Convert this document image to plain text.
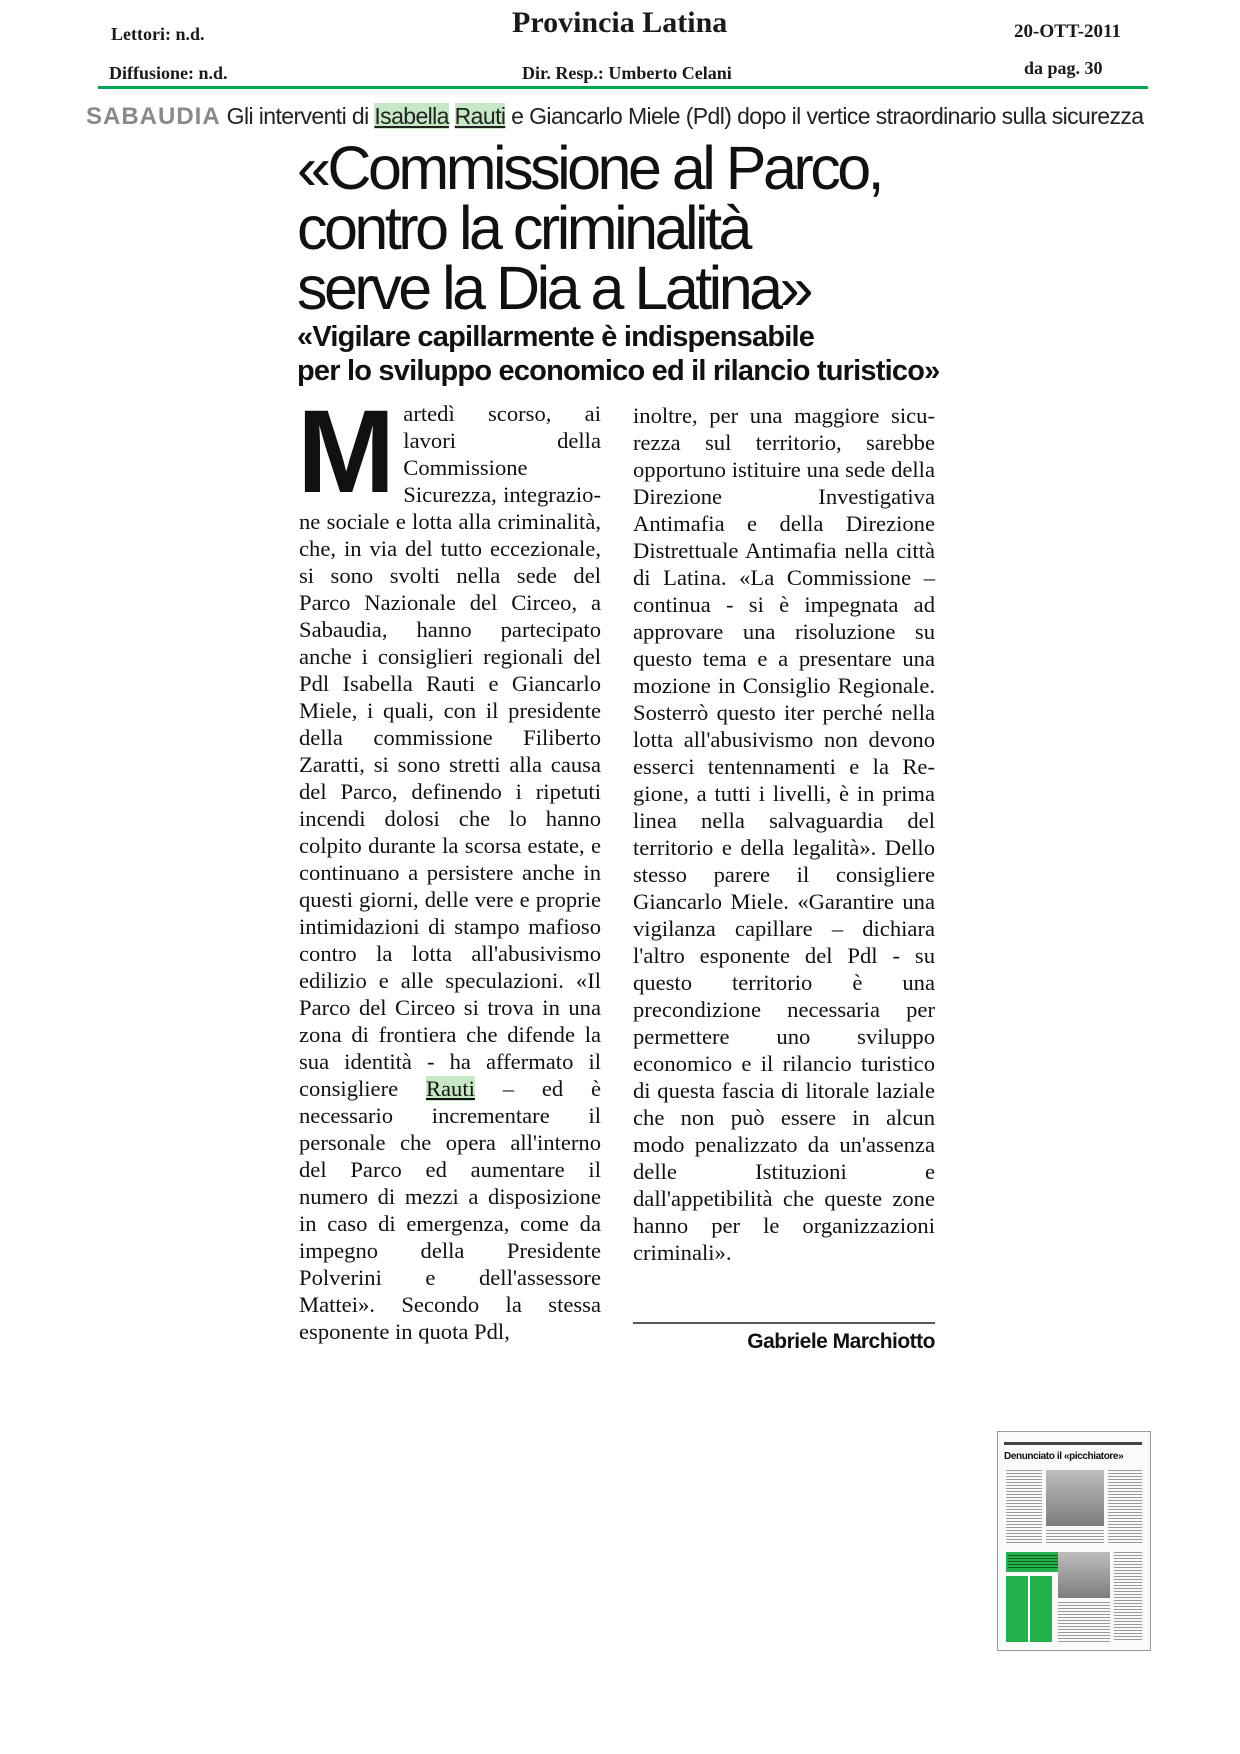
Lettori: n.d.
Diffusione: n.d.
Provincia Latina
Dir. Resp.: Umberto Celani
20-OTT-2011
da pag. 30
SABAUDIA Gli interventi di Isabella Rauti e Giancarlo Miele (Pdl) dopo il vertice straordinario sulla sicurezza
«Commissione al Parco,
contro la criminalità
serve la Dia a Latina»
«Vigilare capillarmente è indispensabile
per lo sviluppo economico ed il rilancio turistico»

Martedì scorso, ai lavori della Commissione Sicurezza, integrazione sociale e lotta alla criminalità, che, in via del tutto eccezionale, si sono svolti nella sede del Parco Nazionale del Circeo, a Sabaudia, hanno partecipato anche i consiglieri regionali del Pdl Isabella Rauti e Giancarlo Miele, i quali, con il presidente della commissione Filiberto Zaratti, si sono stretti alla causa del Parco, definendo i ripetuti incendi dolosi che lo hanno colpito durante la scorsa estate, e continuano a persistere anche in questi giorni, delle vere e proprie intimidazioni di stampo mafioso contro la lotta all'abusivismo edilizio e alle speculazioni. «Il Parco del Circeo si trova in una zona di frontiera che difende la sua identità - ha affermato il consigliere Rauti – ed è necessario incrementare il personale che opera all'interno del Parco ed aumentare il numero di mezzi a disposizione in caso di emergenza, come da impegno della Presidente Polverini e dell'assessore Mattei». Secondo la stessa esponente in quota Pdl,

inoltre, per una maggiore sicurezza sul territorio, sarebbe opportuno istituire una sede della Direzione Investigativa Antimafia e della Direzione Distrettuale Antimafia nella città di Latina. «La Commissione – continua - si è impegnata ad approvare una risoluzione su questo tema e a presentare una mozione in Consiglio Regionale. Sosterrò questo iter perché nella lotta all'abusivismo non devono esserci tentennamenti e la Regione, a tutti i livelli, è in prima linea nella salvaguardia del territorio e della legalità». Dello stesso parere il consigliere Giancarlo Miele. «Garantire una vigilanza capillare – dichiara l'altro esponente del Pdl - su questo territorio è una precondizione necessaria per permettere uno sviluppo economico e il rilancio turistico di questa fascia di litorale laziale che non può essere in alcun modo penalizzato da un'assenza delle Istituzioni e dall'appetibilità che queste zone hanno per le organizzazioni criminali».

Gabriele Marchiotto
Denunciato il «picchiatore»
